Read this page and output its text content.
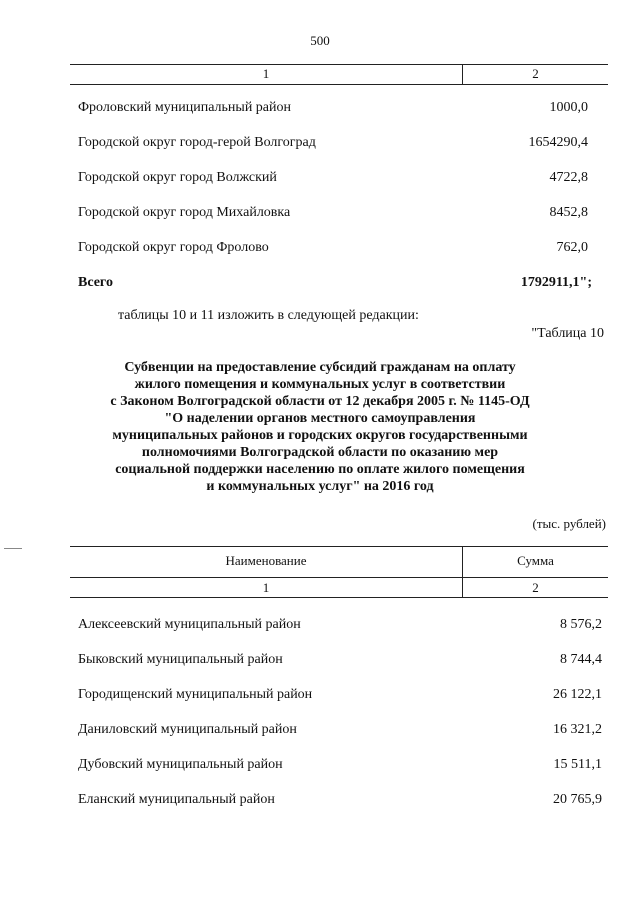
500
1	2
Фроловский муниципальный район	1000,0
Городской округ город-герой Волгоград	1654290,4
Городской округ город Волжский	4722,8
Городской округ город Михайловка	8452,8
Городской округ город Фролово	762,0
Всего	1792911,1";
таблицы 10 и 11 изложить в следующей редакции:
"Таблица 10
Субвенции на предоставление субсидий гражданам на оплату
жилого помещения и коммунальных услуг в соответствии
с Законом Волгоградской области от 12 декабря 2005 г. № 1145-ОД
"О наделении органов местного самоуправления
муниципальных районов и городских округов государственными
полномочиями Волгоградской области по оказанию мер
социальной поддержки населению по оплате жилого помещения
и коммунальных услуг" на 2016 год
(тыс. рублей)
Наименование	Сумма
1	2
Алексеевский муниципальный район	8 576,2
Быковский муниципальный район	8 744,4
Городищенский муниципальный район	26 122,1
Даниловский муниципальный район	16 321,2
Дубовский муниципальный район	15 511,1
Еланский муниципальный район	20 765,9
